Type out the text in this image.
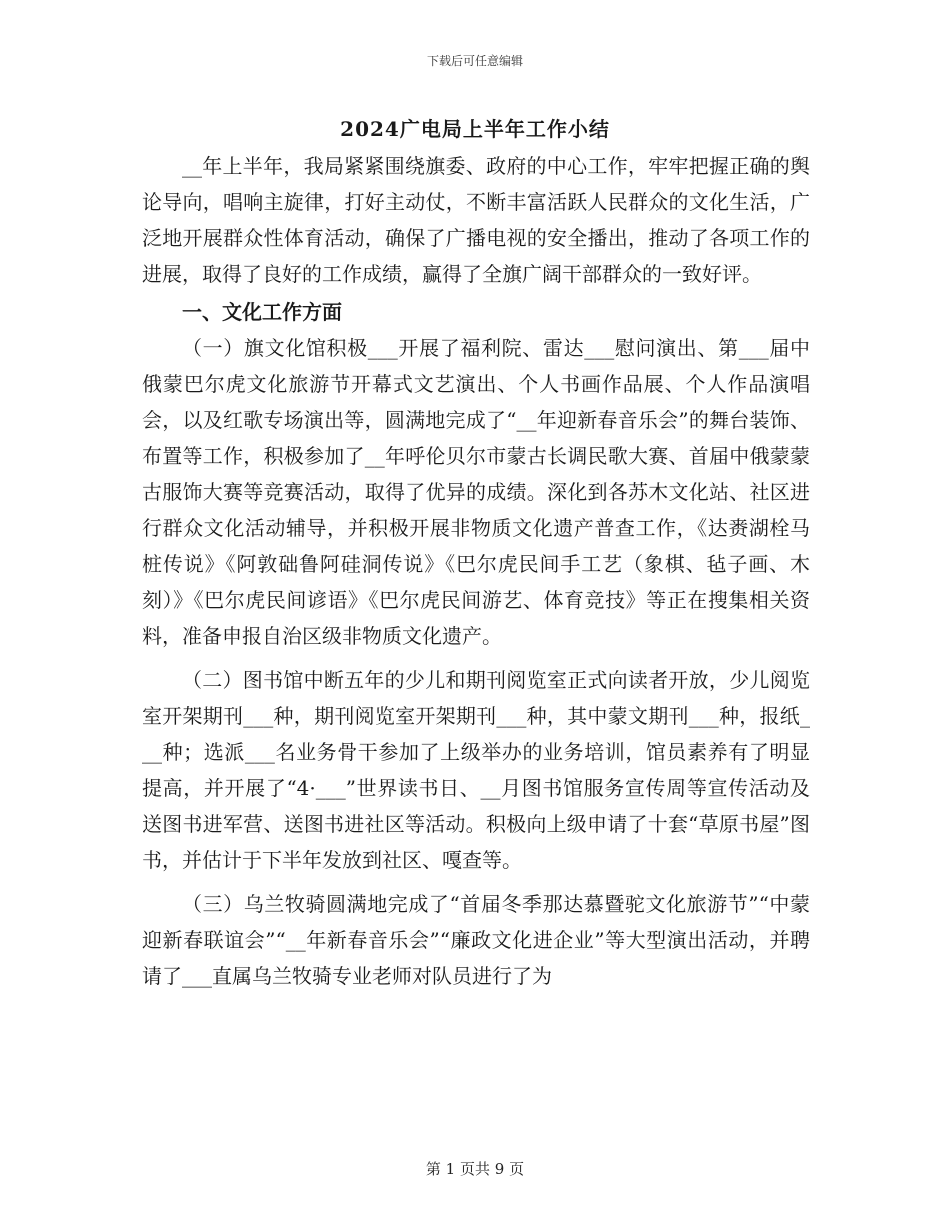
下载后可任意编辑
2024广电局上半年工作小结

__年上半年，我局紧紧围绕旗委、政府的中心工作，牢牢把握正确的舆论导向，唱响主旋律，打好主动仗，不断丰富活跃人民群众的文化生活，广泛地开展群众性体育活动，确保了广播电视的安全播出，推动了各项工作的进展，取得了良好的工作成绩，赢得了全旗广阔干部群众的一致好评。

一、文化工作方面

（一）旗文化馆积极___开展了福利院、雷达___慰问演出、第___届中俄蒙巴尔虎文化旅游节开幕式文艺演出、个人书画作品展、个人作品演唱会，以及红歌专场演出等，圆满地完成了“__年迎新春音乐会”的舞台装饰、布置等工作，积极参加了__年呼伦贝尔市蒙古长调民歌大赛、首届中俄蒙蒙古服饰大赛等竞赛活动，取得了优异的成绩。深化到各苏木文化站、社区进行群众文化活动辅导，并积极开展非物质文化遗产普查工作，《达赉湖栓马桩传说》《阿敦础鲁阿硅洞传说》《巴尔虎民间手工艺（象棋、毡子画、木刻）》《巴尔虎民间谚语》《巴尔虎民间游艺、体育竞技》等正在搜集相关资料，准备申报自治区级非物质文化遗产。

（二）图书馆中断五年的少儿和期刊阅览室正式向读者开放，少儿阅览室开架期刊___种，期刊阅览室开架期刊___种，其中蒙文期刊___种，报纸___种；选派___名业务骨干参加了上级举办的业务培训，馆员素养有了明显提高，并开展了“4·___”世界读书日、__月图书馆服务宣传周等宣传活动及送图书进军营、送图书进社区等活动。积极向上级申请了十套“草原书屋”图书，并估计于下半年发放到社区、嘎查等。

（三）乌兰牧骑圆满地完成了“首届冬季那达慕暨驼文化旅游节”“中蒙迎新春联谊会”“__年新春音乐会”“廉政文化进企业”等大型演出活动，并聘请了___直属乌兰牧骑专业老师对队员进行了为

第 1 页共 9 页
